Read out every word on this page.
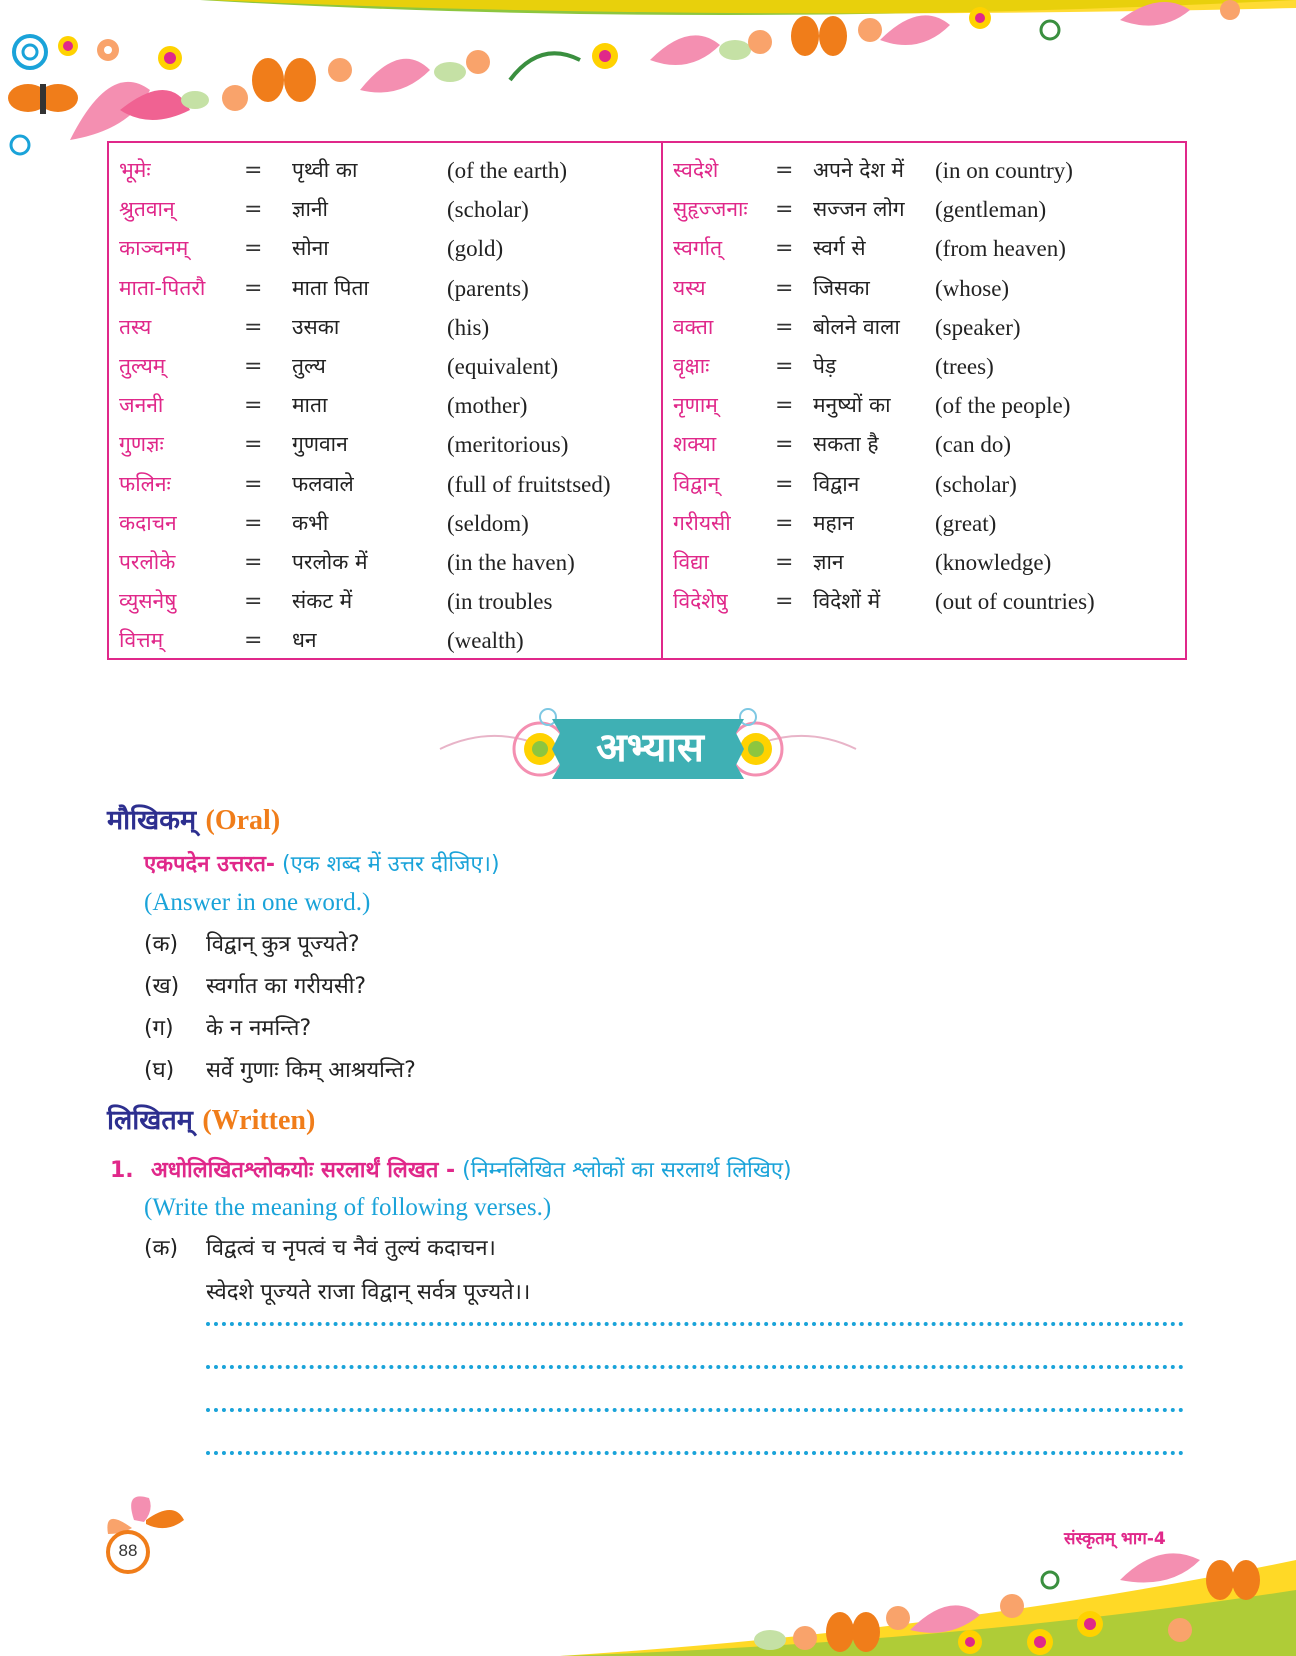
भूमेः	= पृथ्वी का	(of the earth)
श्रुतवान्	= ज्ञानी	(scholar)
काञ्चनम्	= सोना	(gold)
माता-पितरौ = माता पिता	(parents)
तस्य	= उसका	(his)
तुल्यम्	= तुल्य	(equivalent)
जननी	= माता	(mother)
गुणज्ञः	= गुणवान	(meritorious)
फलिनः	= फलवाले	(full of fruitstsed)
कदाचन	= कभी	(seldom)
परलोके	= परलोक में	(in the haven)
व्युसनेषु	= संकट में	(in troubles
वित्तम्	= धन	(wealth)
स्वदेशे	= अपने देश में (in on country)
सुहृज्जनाः = सज्जन लोग (gentleman)
स्वर्गात् = स्वर्ग से	(from heaven)
यस्य	= जिसका	(whose)
वक्ता	= बोलने वाला (speaker)
वृक्षाः	= पेड़	(trees)
नृणाम्	= मनुष्यों का (of the people)
शक्या	= सकता है (can do)
विद्वान्	= विद्वान	(scholar)
गरीयसी = महान	(great)
विद्या	= ज्ञान	(knowledge)
विदेशेषु = विदेशों में (out of countries)
अभ्यास
मौखिकम् (Oral)
एकपदेन उत्तरत- (एक शब्द में उत्तर दीजिए।)
(Answer in one word.)
(क) विद्वान् कुत्र पूज्यते?
(ख) स्वर्गात का गरीयसी?
(ग) के न नमन्ति?
(घ) सर्वे गुणाः किम् आश्रयन्ति?
लिखितम् (Written)
1. अधोलिखितश्लोकयोः सरलार्थं लिखत - (निम्नलिखित श्लोकों का सरलार्थ लिखिए)
(Write the meaning of following verses.)
(क) विद्वत्वं च नृपत्वं च नैवं तुल्यं कदाचन।
स्वेदशे पूज्यते राजा विद्वान् सर्वत्र पूज्यते।।
88
संस्कृतम् भाग-4
